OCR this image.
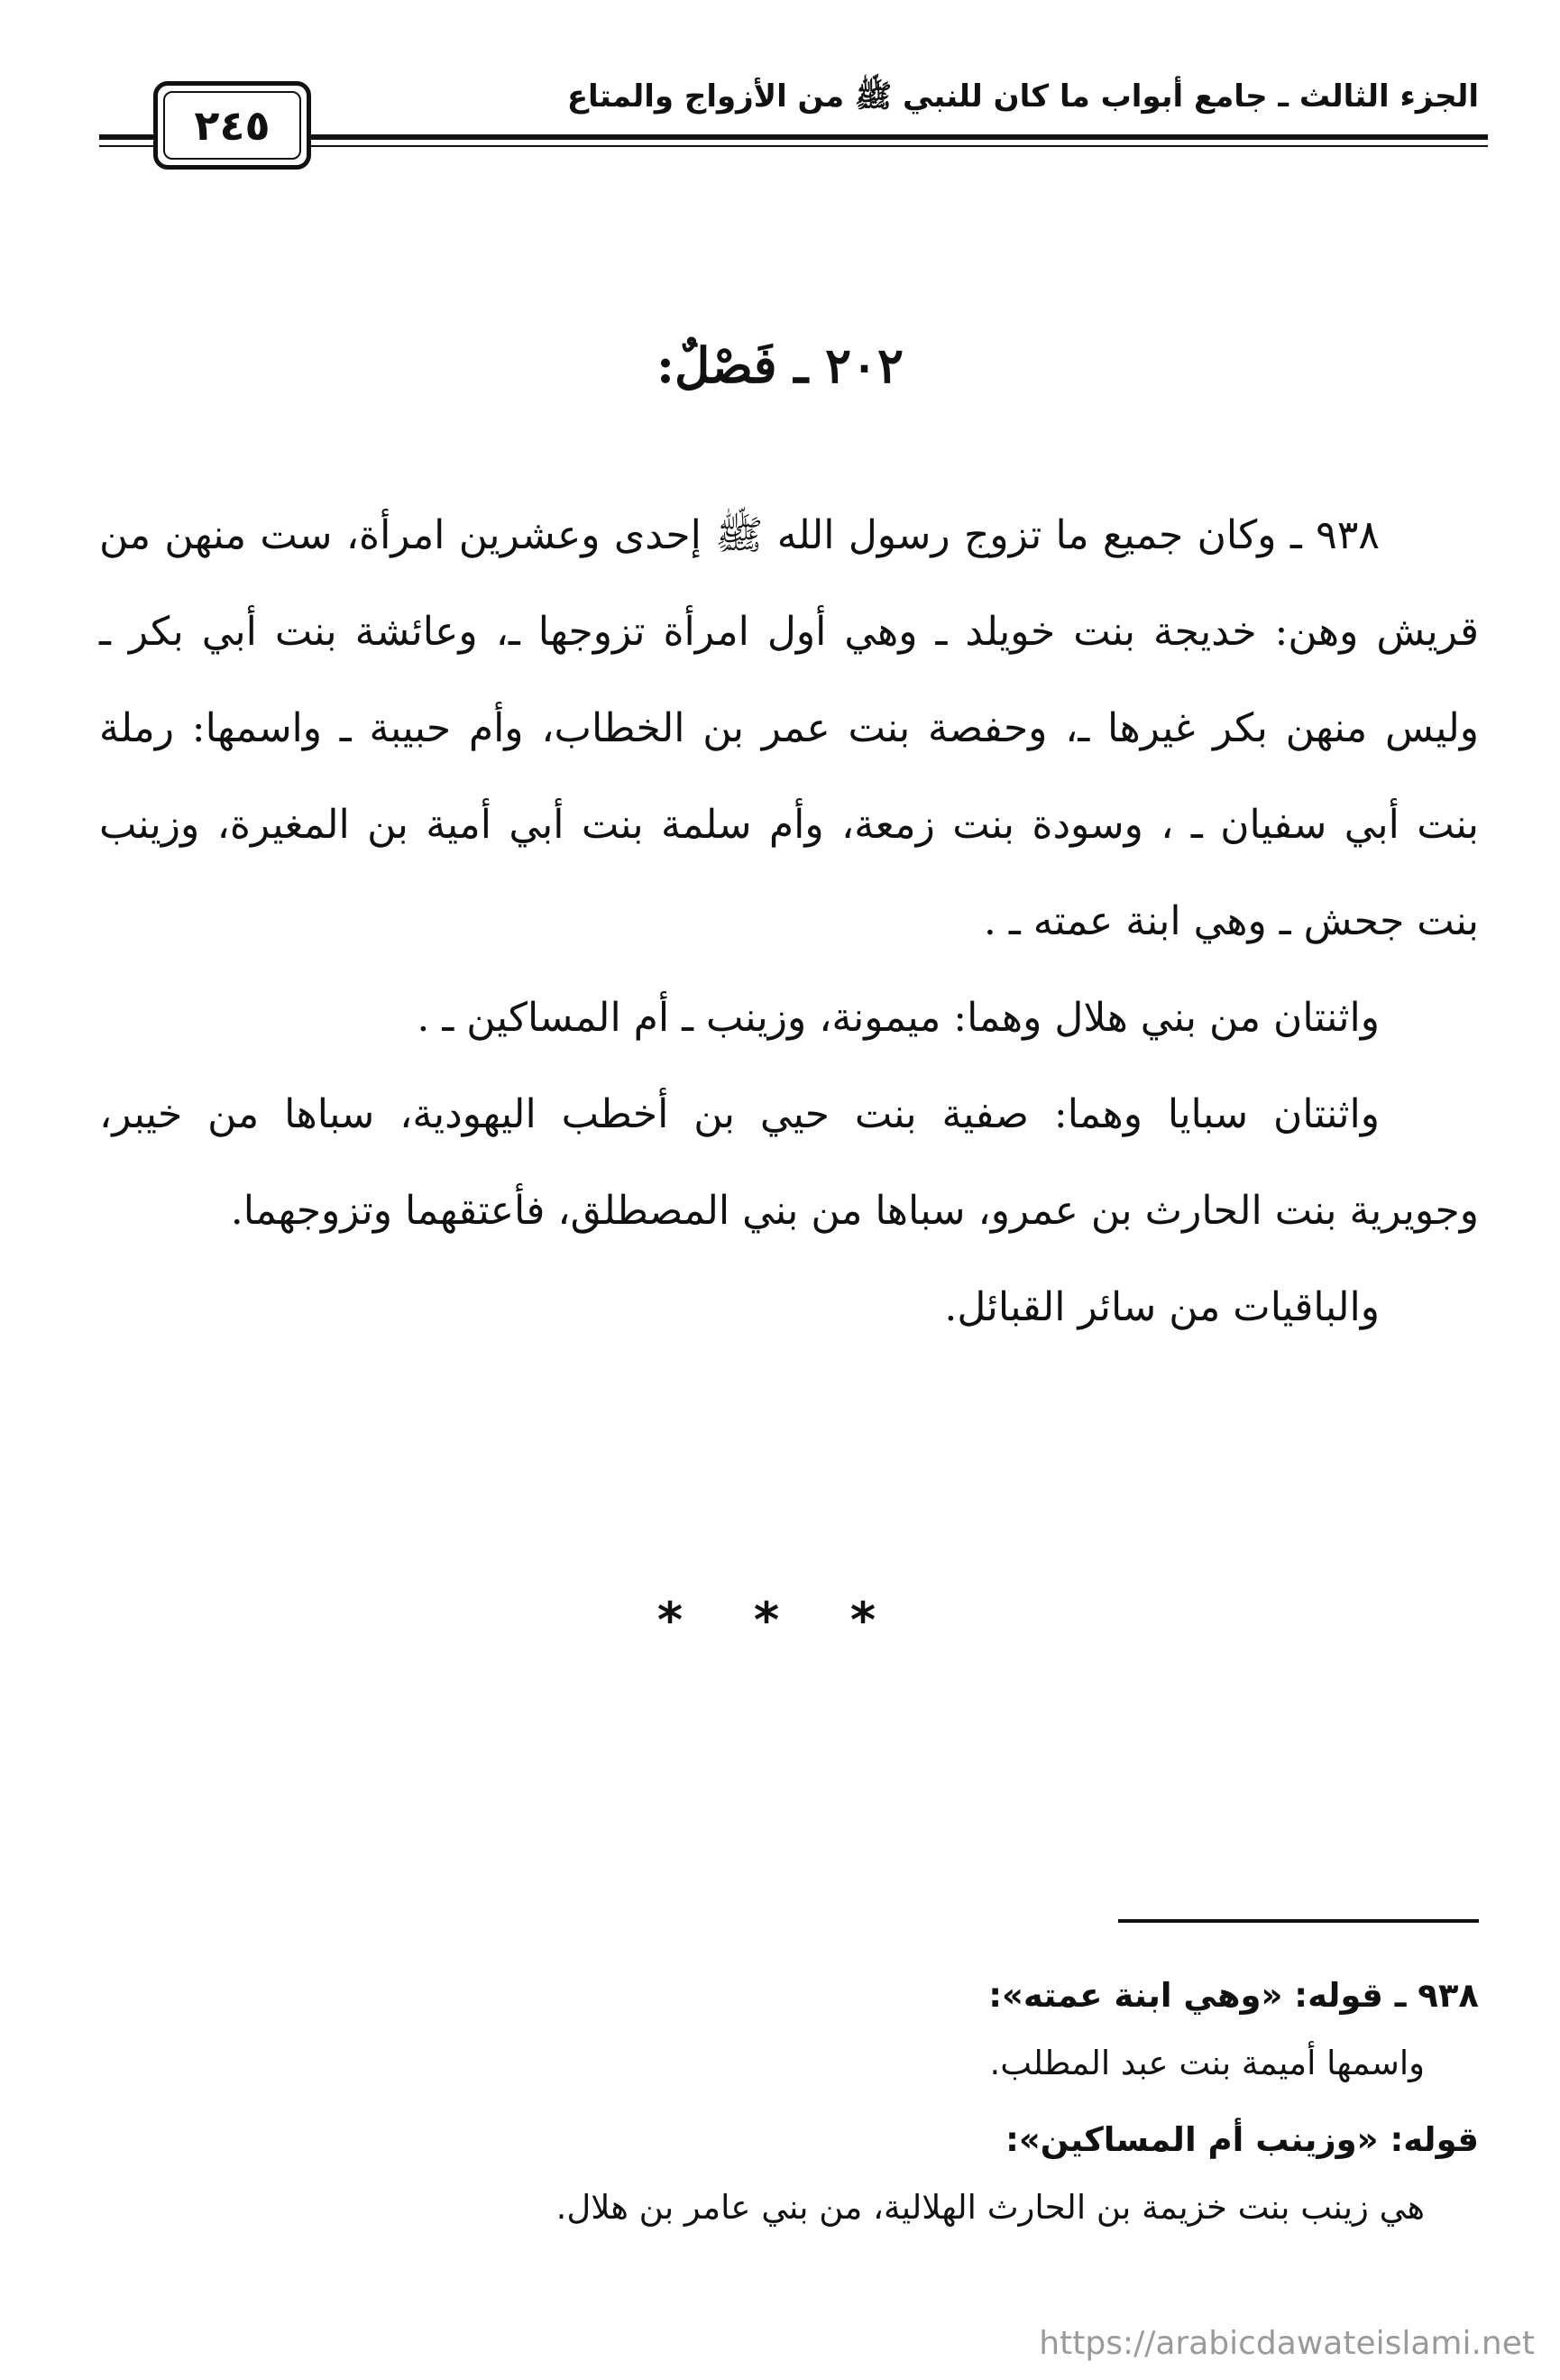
الجزء الثالث ـ جامع أبواب ما كان للنبي ﷺ من الأزواج والمتاع
٢٤٥
٢٠٢ ـ فَصْلٌ:

٩٣٨ ـ وكان جميع ما تزوج رسول الله ﷺ إحدى وعشرين امرأة، ست منهن من قريش وهن: خديجة بنت خويلد ـ وهي أول امرأة تزوجها ـ، وعائشة بنت أبي بكر ـ وليس منهن بكر غيرها ـ، وحفصة بنت عمر بن الخطاب، وأم حبيبة ـ واسمها: رملة بنت أبي سفيان ـ ، وسودة بنت زمعة، وأم سلمة بنت أبي أمية بن المغيرة، وزينب بنت جحش ـ وهي ابنة عمته ـ .

واثنتان من بني هلال وهما: ميمونة، وزينب ـ أم المساكين ـ .

واثنتان سبايا وهما: صفية بنت حيي بن أخطب اليهودية، سباها من خيبر، وجويرية بنت الحارث بن عمرو، سباها من بني المصطلق، فأعتقهما وتزوجهما.

والباقيات من سائر القبائل.

* * *

٩٣٨ ـ قوله: «وهي ابنة عمته»:

واسمها أميمة بنت عبد المطلب.

قوله: «وزينب أم المساكين»:

هي زينب بنت خزيمة بن الحارث الهلالية، من بني عامر بن هلال.

https://arabicdawateislami.net
